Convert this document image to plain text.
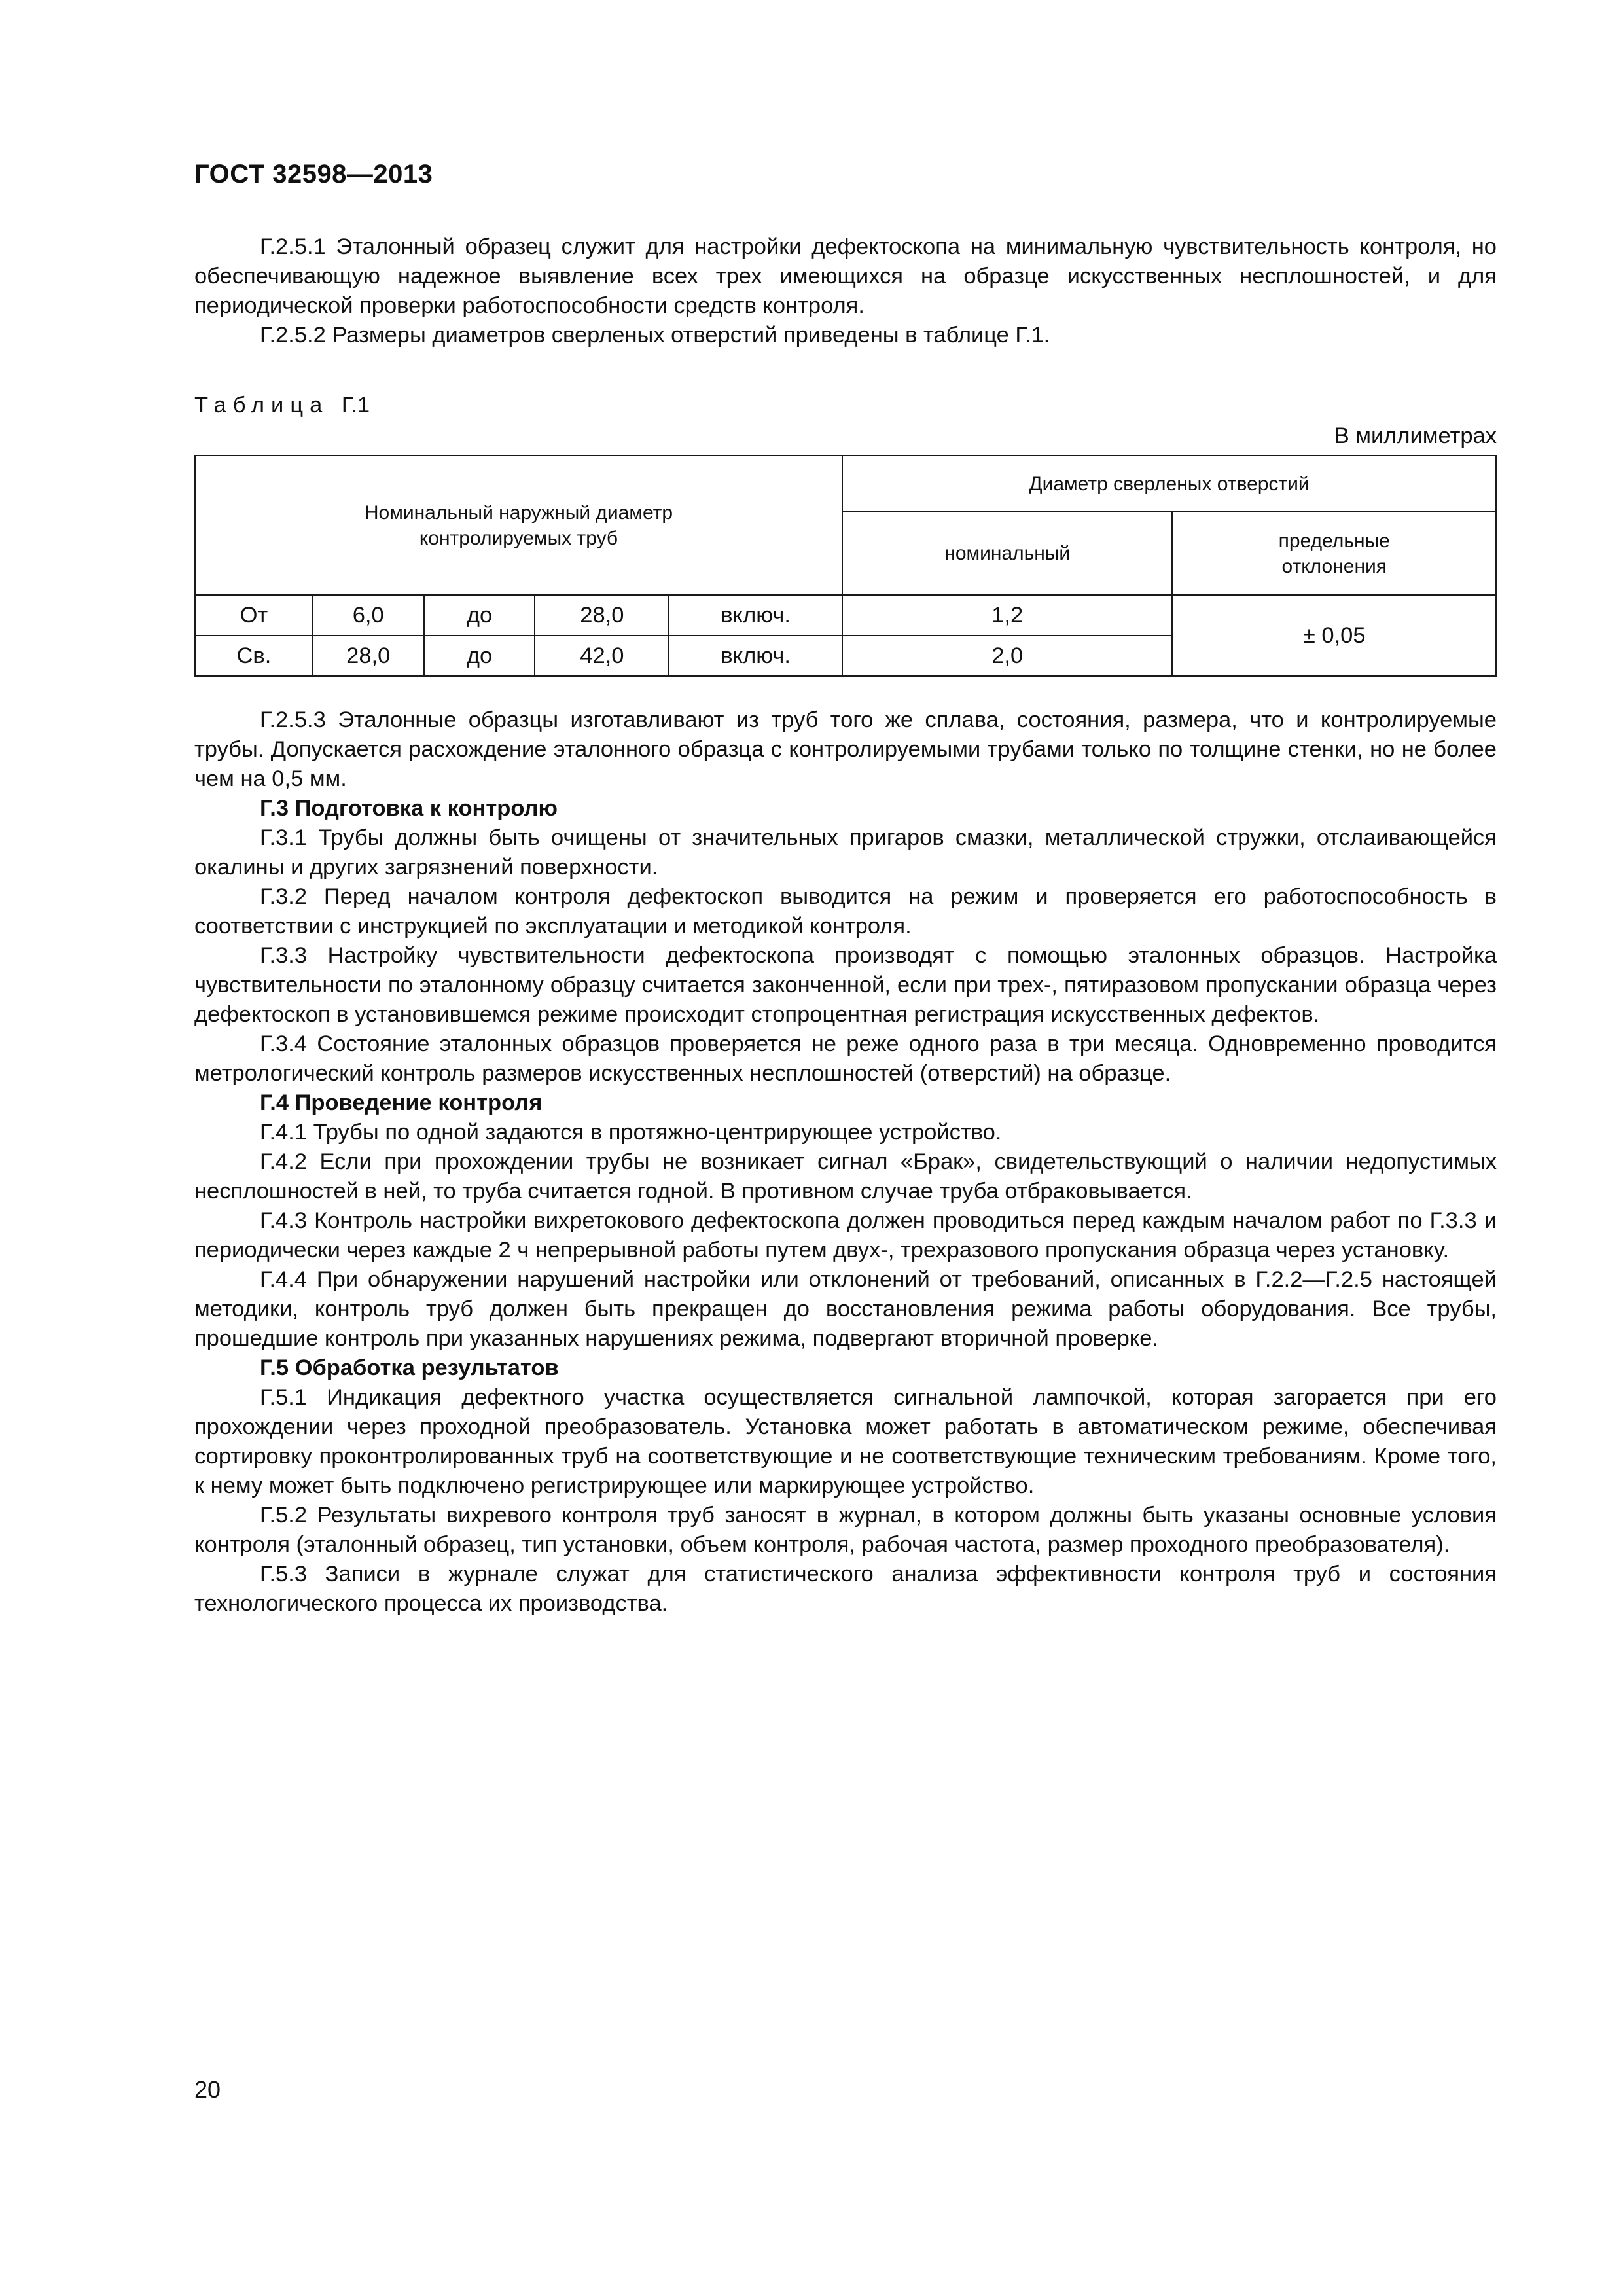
ГОСТ 32598—2013

Г.2.5.1 Эталонный образец служит для настройки дефектоскопа на минимальную чувствительность контроля, но обеспечивающую надежное выявление всех трех имеющихся на образце искусственных несплошностей, и для периодической проверки работоспособности средств контроля.

Г.2.5.2 Размеры диаметров сверленых отверстий приведены в таблице Г.1.

Таблица Г.1
В миллиметрах
Номинальный наружный диаметр контролируемых труб					Диаметр сверленых отверстий	
					номинальный	предельные отклонения

От	6,0	до	28,0	включ.	1,2	± 0,05
Св.	28,0	до	42,0	включ.	2,0	

Г.2.5.3 Эталонные образцы изготавливают из труб того же сплава, состояния, размера, что и контролируемые трубы. Допускается расхождение эталонного образца с контролируемыми трубами только по толщине стенки, но не более чем на 0,5 мм.

Г.3 Подготовка к контролю

Г.3.1 Трубы должны быть очищены от значительных пригаров смазки, металлической стружки, отслаивающейся окалины и других загрязнений поверхности.

Г.3.2 Перед началом контроля дефектоскоп выводится на режим и проверяется его работоспособность в соответствии с инструкцией по эксплуатации и методикой контроля.

Г.3.3 Настройку чувствительности дефектоскопа производят с помощью эталонных образцов. Настройка чувствительности по эталонному образцу считается законченной, если при трех-, пятиразовом пропускании образца через дефектоскоп в установившемся режиме происходит стопроцентная регистрация искусственных дефектов.

Г.3.4 Состояние эталонных образцов проверяется не реже одного раза в три месяца. Одновременно проводится метрологический контроль размеров искусственных несплошностей (отверстий) на образце.

Г.4 Проведение контроля

Г.4.1 Трубы по одной задаются в протяжно-центрирующее устройство.

Г.4.2 Если при прохождении трубы не возникает сигнал «Брак», свидетельствующий о наличии недопустимых несплошностей в ней, то труба считается годной. В противном случае труба отбраковывается.

Г.4.3 Контроль настройки вихретокового дефектоскопа должен проводиться перед каждым началом работ по Г.3.3 и периодически через каждые 2 ч непрерывной работы путем двух-, трехразового пропускания образца через установку.

Г.4.4 При обнаружении нарушений настройки или отклонений от требований, описанных в Г.2.2—Г.2.5 настоящей методики, контроль труб должен быть прекращен до восстановления режима работы оборудования. Все трубы, прошедшие контроль при указанных нарушениях режима, подвергают вторичной проверке.

Г.5 Обработка результатов

Г.5.1 Индикация дефектного участка осуществляется сигнальной лампочкой, которая загорается при его прохождении через проходной преобразователь. Установка может работать в автоматическом режиме, обеспечивая сортировку проконтролированных труб на соответствующие и не соответствующие техническим требованиям. Кроме того, к нему может быть подключено регистрирующее или маркирующее устройство.

Г.5.2 Результаты вихревого контроля труб заносят в журнал, в котором должны быть указаны основные условия контроля (эталонный образец, тип установки, объем контроля, рабочая частота, размер проходного преобразователя).

Г.5.3 Записи в журнале служат для статистического анализа эффективности контроля труб и состояния технологического процесса их производства.

20
